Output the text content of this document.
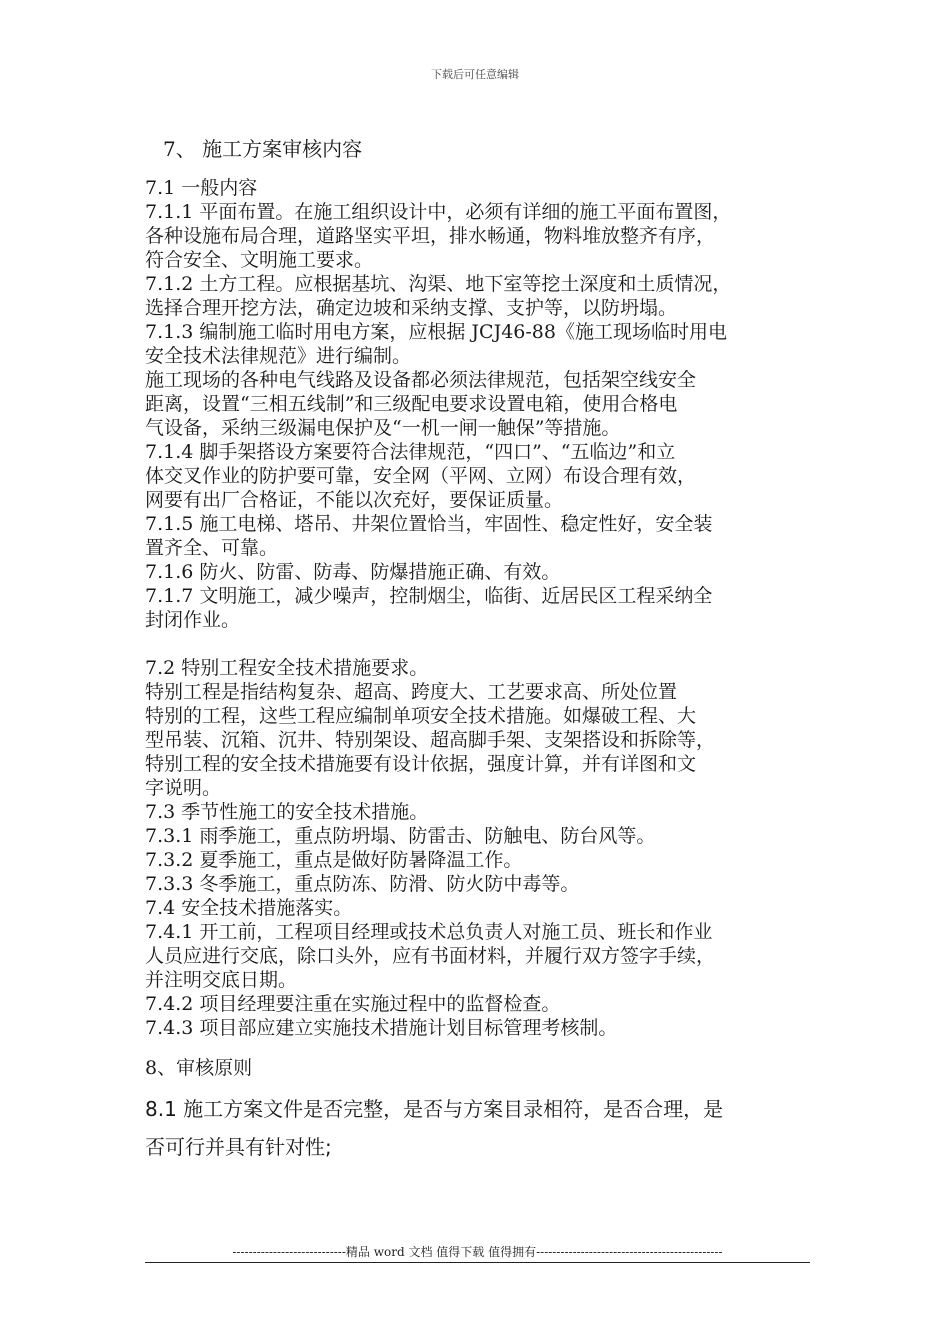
下载后可任意编辑
7、 施工方案审核内容

7.1 一般内容

7.1.1 平面布置。在施工组织设计中，必须有详细的施工平面布置图，

各种设施布局合理，道路坚实平坦，排水畅通，物料堆放整齐有序，

符合安全、文明施工要求。

7.1.2 土方工程。应根据基坑、沟渠、地下室等挖土深度和土质情况，

选择合理开挖方法，确定边坡和采纳支撑、支护等，以防坍塌。

7.1.3 编制施工临时用电方案，应根据 JCJ46-88《施工现场临时用电

安全技术法律规范》进行编制。

施工现场的各种电气线路及设备都必须法律规范，包括架空线安全

距离，设置“三相五线制”和三级配电要求设置电箱，使用合格电

气设备，采纳三级漏电保护及“一机一闸一触保”等措施。

7.1.4 脚手架搭设方案要符合法律规范，“四口”、“五临边”和立

体交叉作业的防护要可靠，安全网（平网、立网）布设合理有效，

网要有出厂合格证，不能以次充好，要保证质量。

7.1.5 施工电梯、塔吊、井架位置恰当，牢固性、稳定性好，安全装

置齐全、可靠。

7.1.6 防火、防雷、防毒、防爆措施正确、有效。

7.1.7 文明施工，减少噪声，控制烟尘，临街、近居民区工程采纳全

封闭作业。

7.2 特别工程安全技术措施要求。

特别工程是指结构复杂、超高、跨度大、工艺要求高、所处位置

特别的工程，这些工程应编制单项安全技术措施。如爆破工程、大

型吊装、沉箱、沉井、特别架设、超高脚手架、支架搭设和拆除等，

特别工程的安全技术措施要有设计依据，强度计算，并有详图和文

字说明。

7.3 季节性施工的安全技术措施。

7.3.1 雨季施工，重点防坍塌、防雷击、防触电、防台风等。

7.3.2 夏季施工，重点是做好防暑降温工作。

7.3.3 冬季施工，重点防冻、防滑、防火防中毒等。

7.4 安全技术措施落实。

7.4.1 开工前，工程项目经理或技术总负责人对施工员、班长和作业

人员应进行交底，除口头外，应有书面材料，并履行双方签字手续，

并注明交底日期。

7.4.2 项目经理要注重在实施过程中的监督检查。

7.4.3 项目部应建立实施技术措施计划目标管理考核制。

8、审核原则

8.1 施工方案文件是否完整，是否与方案目录相符，是否合理，是

否可行并具有针对性;

----------------------------精品 word 文档 值得下载 值得拥有----------------------------------------------
